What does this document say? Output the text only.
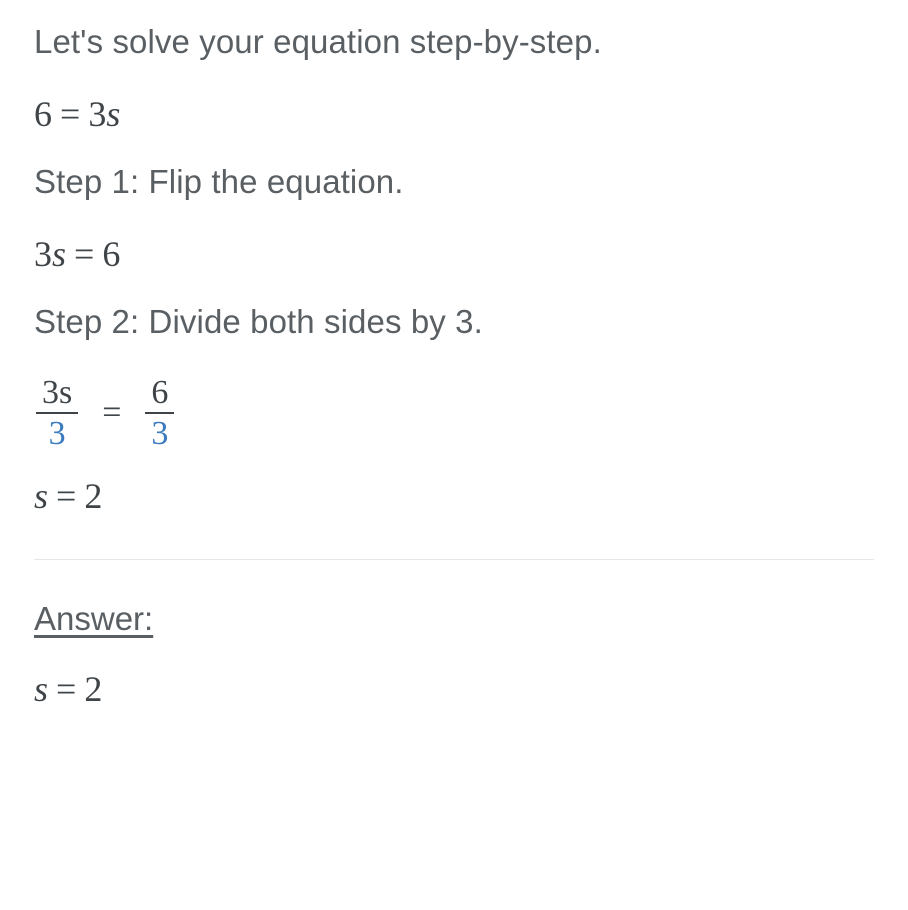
Let's solve your equation step-by-step.

6 = 3s

Step 1: Flip the equation.

3s = 6

Step 2: Divide both sides by 3.

$\frac{3s}{3} = \frac{6}{3}$
s = 2
Answer:
s = 2
